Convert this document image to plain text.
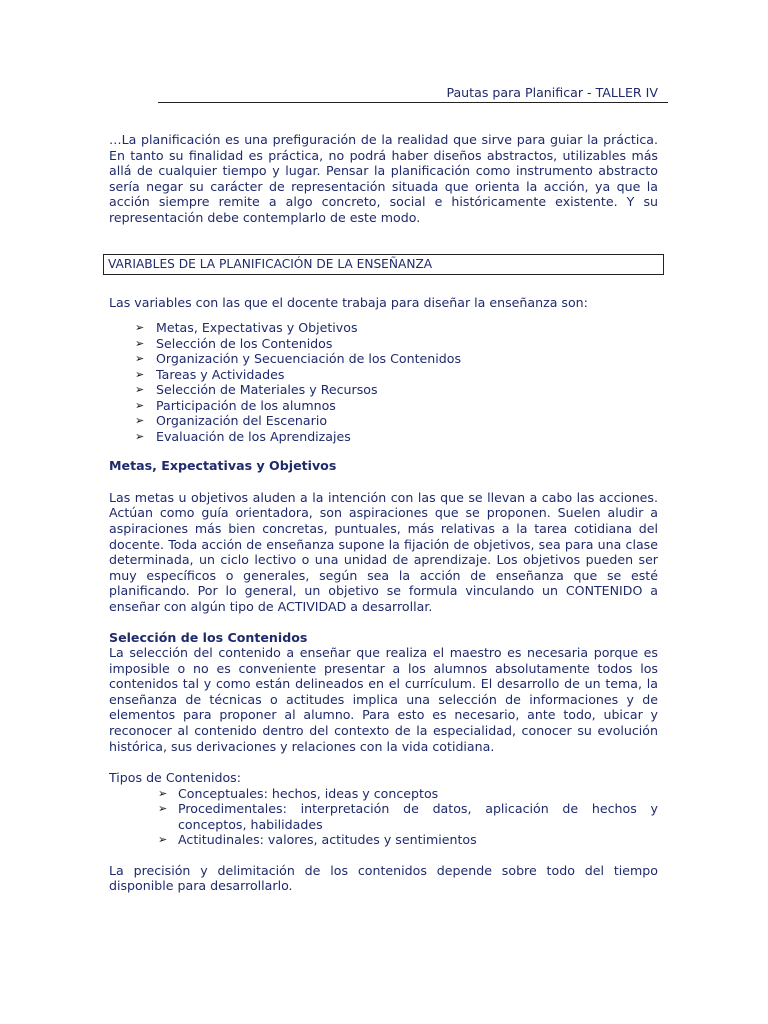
Pautas para Planificar - TALLER IV

…La planificación es una prefiguración de la realidad que sirve para guiar la práctica. En tanto su finalidad es práctica, no podrá haber diseños abstractos, utilizables más allá de cualquier tiempo y lugar. Pensar la planificación como instrumento abstracto sería negar su carácter de representación situada que orienta la acción, ya que la acción siempre remite a algo concreto, social e históricamente existente. Y su representación debe contemplarlo de este modo.

VARIABLES DE LA PLANIFICACIÓN DE LA ENSEÑANZA

Las variables con las que el docente trabaja para diseñar la enseñanza son:

➢ Metas, Expectativas y Objetivos
➢ Selección de los Contenidos
➢ Organización y Secuenciación de los Contenidos
➢ Tareas y Actividades
➢ Selección de Materiales y Recursos
➢ Participación de los alumnos
➢ Organización del Escenario
➢ Evaluación de los Aprendizajes
Metas, Expectativas y Objetivos

Las metas u objetivos aluden a la intención con las que se llevan a cabo las acciones. Actúan como guía orientadora, son aspiraciones que se proponen. Suelen aludir a aspiraciones más bien concretas, puntuales, más relativas a la tarea cotidiana del docente. Toda acción de enseñanza supone la fijación de objetivos, sea para una clase determinada, un ciclo lectivo o una unidad de aprendizaje. Los objetivos pueden ser muy específicos o generales, según sea la acción de enseñanza que se esté planificando. Por lo general, un objetivo se formula vinculando un CONTENIDO a enseñar con algún tipo de ACTIVIDAD a desarrollar.

Selección de los Contenidos

La selección del contenido a enseñar que realiza el maestro es necesaria porque es imposible o no es conveniente presentar a los alumnos absolutamente todos los contenidos tal y como están delineados en el currículum. El desarrollo de un tema, la enseñanza de técnicas o actitudes implica una selección de informaciones y de elementos para proponer al alumno. Para esto es necesario, ante todo, ubicar y reconocer al contenido dentro del contexto de la especialidad, conocer su evolución histórica, sus derivaciones y relaciones con la vida cotidiana.

Tipos de Contenidos:

➢ Conceptuales: hechos, ideas y conceptos
➢ Procedimentales: interpretación de datos, aplicación de hechos y conceptos, habilidades
➢ Actitudinales: valores, actitudes y sentimientos

La precisión y delimitación de los contenidos depende sobre todo del tiempo disponible para desarrollarlo.
